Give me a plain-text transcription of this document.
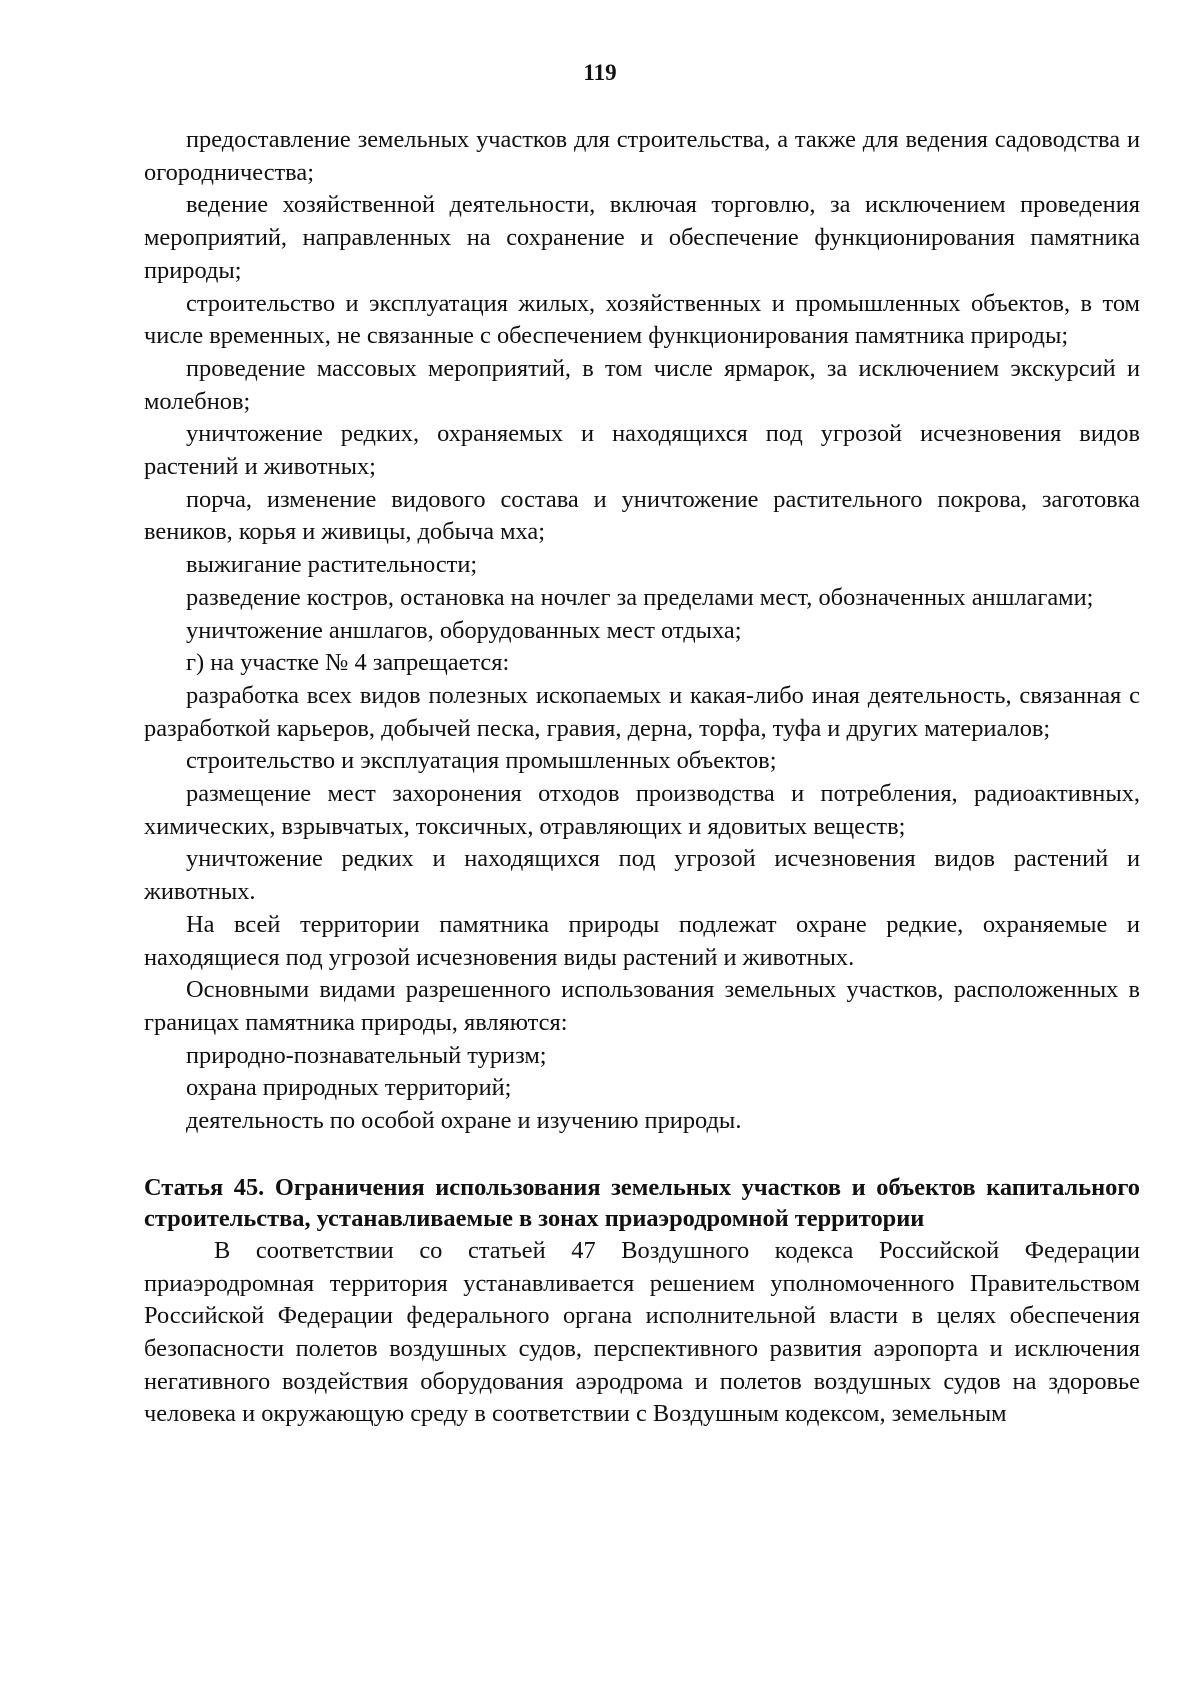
119

предоставление земельных участков для строительства, а также для ведения садоводства и огородничества;

ведение хозяйственной деятельности, включая торговлю, за исключением проведения мероприятий, направленных на сохранение и обеспечение функционирования памятника природы;

строительство и эксплуатация жилых, хозяйственных и промышленных объектов, в том числе временных, не связанные с обеспечением функционирования памятника природы;

проведение массовых мероприятий, в том числе ярмарок, за исключением экскурсий и молебнов;

уничтожение редких, охраняемых и находящихся под угрозой исчезновения видов растений и животных;

порча, изменение видового состава и уничтожение растительного покрова, заготовка веников, корья и живицы, добыча мха;

выжигание растительности;

разведение костров, остановка на ночлег за пределами мест, обозначенных аншлагами;

уничтожение аншлагов, оборудованных мест отдыха;

г) на участке № 4 запрещается:

разработка всех видов полезных ископаемых и какая-либо иная деятельность, связанная с разработкой карьеров, добычей песка, гравия, дерна, торфа, туфа и других материалов;

строительство и эксплуатация промышленных объектов;

размещение мест захоронения отходов производства и потребления, радиоактивных, химических, взрывчатых, токсичных, отравляющих и ядовитых веществ;

уничтожение редких и находящихся под угрозой исчезновения видов растений и животных.

На всей территории памятника природы подлежат охране редкие, охраняемые и находящиеся под угрозой исчезновения виды растений и животных.

Основными видами разрешенного использования земельных участков, расположенных в границах памятника природы, являются:

природно-познавательный туризм;

охрана природных территорий;

деятельность по особой охране и изучению природы.

Статья 45. Ограничения использования земельных участков и объектов капитального строительства, устанавливаемые в зонах приаэродромной территории

В соответствии со статьей 47 Воздушного кодекса Российской Федерации приаэродромная территория устанавливается решением уполномоченного Правительством Российской Федерации федерального органа исполнительной власти в целях обеспечения безопасности полетов воздушных судов, перспективного развития аэропорта и исключения негативного воздействия оборудования аэродрома и полетов воздушных судов на здоровье человека и окружающую среду в соответствии с Воздушным кодексом, земельным
